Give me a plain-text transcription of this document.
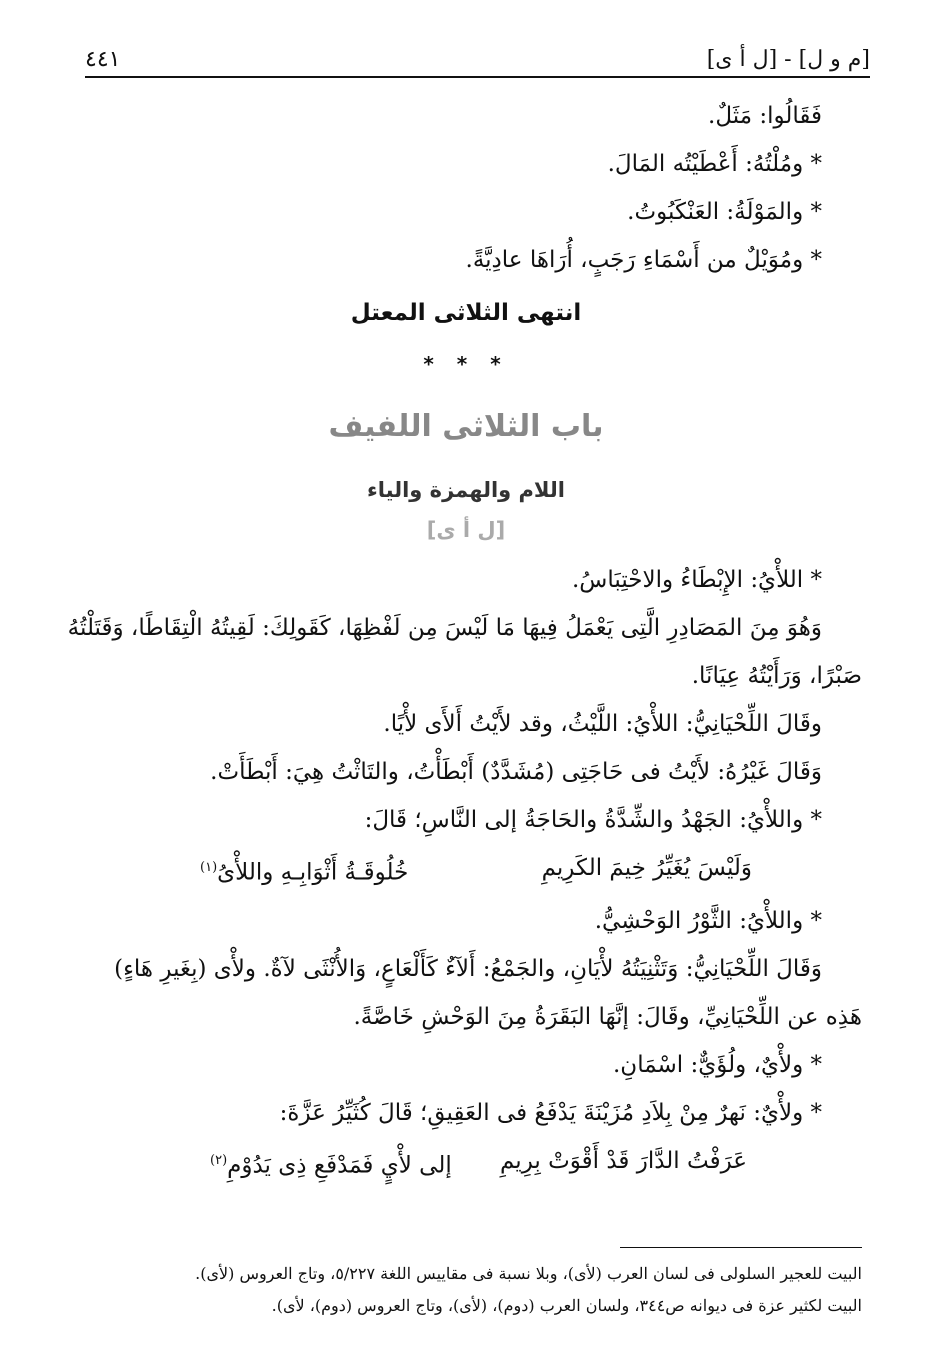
٤٤١	[م و ل] - [ل أ ى]
فَقَالُوا: مَثَلٌ.
* ومُلْتُهُ: أَعْطَيْتُه المَالَ.
* والمَوْلَةُ: العَنْكَبُوتُ.
* ومُوَيْلٌ من أَسْمَاءِ رَجَبٍ، أُرَاهَا عادِيَّةً.
انتهى الثلاثى المعتل
* * *
باب الثلاثى اللفيف
اللام والهمزة والياء
[ل أ ى]
* اللأْيُ: الإِبْطَاءُ والاحْتِبَاسُ.
وَهُوَ مِنَ المَصَادِرِ الَّتِى يَعْمَلُ فِيهَا مَا لَيْسَ مِن لَفْظِهَا، كَقَولِكَ: لَقِيتُهُ الْتِقَاطًا، وَقَتَلْتُهُ
صَبْرًا، وَرَأَيْتُهُ عِيَانًا.
وقَالَ اللِّحْيَانِيُّ: اللأْيُ: اللَّيْثُ، وقد لأَيْتُ أَلأَى لأْيًا.
وَقَالَ غَيْرُهُ: لأَيْتُ فى حَاجَتِى (مُشَدَّدٌ) أَبْطَأْتُ، والتَاثْتُ هِيَ: أَبْطَأَتْ.
* واللأْيُ: الجَهْدُ والشِّدَّةُ والحَاجَةُ إلى النَّاسِ؛ قَالَ:
وَلَيْسَ يُغَيِّرُ خِيمَ الكَرِيمِ
خُلُوقَـةُ أَثْوَابِـهِ واللأْىُ$^{(١)}$
* واللأْيُ: الثَّوْرُ الوَحْشِيُّ.
وَقَالَ اللِّحْيَانِيُّ: وَتَثْنِيَتُهُ لأْيَانِ، والجَمْعُ: أَلآءٌ كَأَلْعَاعٍ، وَالأُنْثَى لآةٌ. ولأْى (بِغَيرِ هَاءٍ)
هَذِه عن اللِّحْيَانِيِّ، وقَالَ: إنَّهَا البَقَرَةُ مِنَ الوَحْشِ خَاصَّةً.
* ولأْيٌ، ولُؤَيٌّ: اسْمَانِ.
* ولأْيٌ: نَهرٌ مِنْ بِلاَدِ مُزَيْنَةَ يَدْفَعُ فى العَقِيقِ؛ قَالَ كُثَيِّرُ عَزَّةَ:
عَرَفْتُ الدَّارَ قَدْ أَقْوَتْ بِرِيمِ
إلى لأْيٍ فَمَدْفَعِ ذِى يَدُوْمِ$^{(٢)}$
البيت للعجير السلولى فى لسان العرب (لأى)، وبلا نسبة فى مقاييس اللغة ٥/٢٢٧، وتاج العروس (لأى).
البيت لكثير عزة فى ديوانه ص٣٤٤، ولسان العرب (دوم)، (لأى)، وتاج العروس (دوم)، لأى).
